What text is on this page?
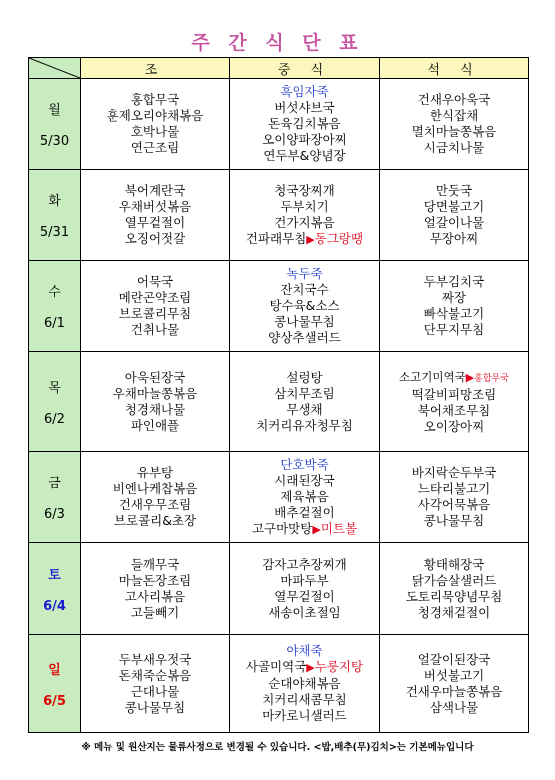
주 간 식 단 표
	조	중 식	석 식

월
5/30	홍합무국
훈제오리야채볶음
호박나물
연근조림	흑임자죽
버섯샤브국
돈육김치볶음
오이양파장아찌
연두부&양념장	건새우아욱국
한식잡채
멸치마늘쫑볶음
시금치나물

화
5/31	북어계란국
우채버섯볶음
열무겉절이
오징어젓갈	청국장찌개
두부치기
건가지볶음
건파래무침▶동그랑땡	만둣국
당면불고기
얼갈이나물
무장아찌

수
6/1	어묵국
메란곤약조림
브로콜리무침
건취나물	녹두죽
잔치국수
탕수육&소스
콩나물무침
양상추샐러드	두부김치국
짜장
빠삭불고기
단무지무침

목
6/2	아욱된장국
우채마늘쫑볶음
청경채나물
파인애플	설렁탕
삼치무조림
무생채
치커리유자청무침	소고기미역국▶홍합무국
떡갈비피망조림
북어채조무침
오이장아찌

금
6/3	유부탕
비엔나케찹볶음
건새우무조림
브로콜리&초장	단호박죽
시래된장국
제육볶음
배추겉절이
고구마맛탕▶미트볼	바지락순두부국
느타리불고기
사각어묵볶음
콩나물무침

토
6/4	들깨무국
마늘돈장조림
고사리볶음
고들빼기	감자고추장찌개
마파두부
열무겉절이
새송이초절임	황태해장국
닭가슴살샐러드
도토리묵양념무침
청경채겉절이

일
6/5	두부새우젓국
돈채죽순볶음
근대나물
콩나물무침	야채죽
사골미역국▶누룽지탕
순대야채볶음
치커리새콤무침
마카로니샐러드	얼갈이된장국
버섯불고기
건새우마늘쫑볶음
삼색나물
※ 메뉴 및 원산지는 물류사정으로 변경될 수 있습니다. <밥,배추(무)김치>는 기본메뉴입니다
